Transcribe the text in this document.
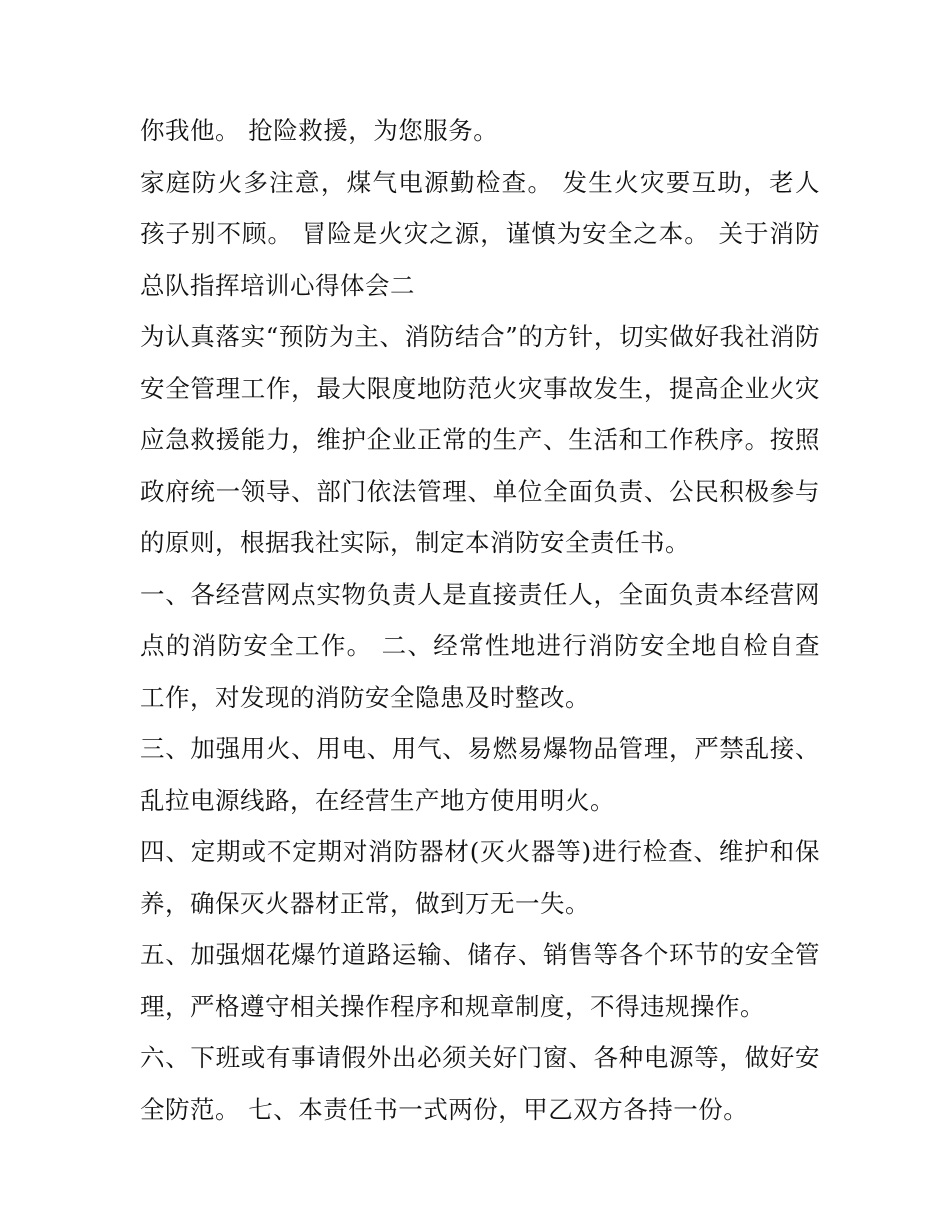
你我他。 抢险救援，为您服务。

家庭防火多注意，煤气电源勤检查。 发生火灾要互助，老人孩子别不顾。 冒险是火灾之源，谨慎为安全之本。 关于消防总队指挥培训心得体会二

为认真落实“预防为主、消防结合”的方针，切实做好我社消防安全管理工作，最大限度地防范火灾事故发生，提高企业火灾应急救援能力，维护企业正常的生产、生活和工作秩序。按照政府统一领导、部门依法管理、单位全面负责、公民积极参与的原则，根据我社实际，制定本消防安全责任书。

一、各经营网点实物负责人是直接责任人，全面负责本经营网点的消防安全工作。 二、经常性地进行消防安全地自检自查工作，对发现的消防安全隐患及时整改。

三、加强用火、用电、用气、易燃易爆物品管理，严禁乱接、乱拉电源线路，在经营生产地方使用明火。

四、定期或不定期对消防器材(灭火器等)进行检查、维护和保养，确保灭火器材正常，做到万无一失。

五、加强烟花爆竹道路运输、储存、销售等各个环节的安全管理，严格遵守相关操作程序和规章制度，不得违规操作。

六、下班或有事请假外出必须关好门窗、各种电源等，做好安全防范。 七、本责任书一式两份，甲乙双方各持一份。
